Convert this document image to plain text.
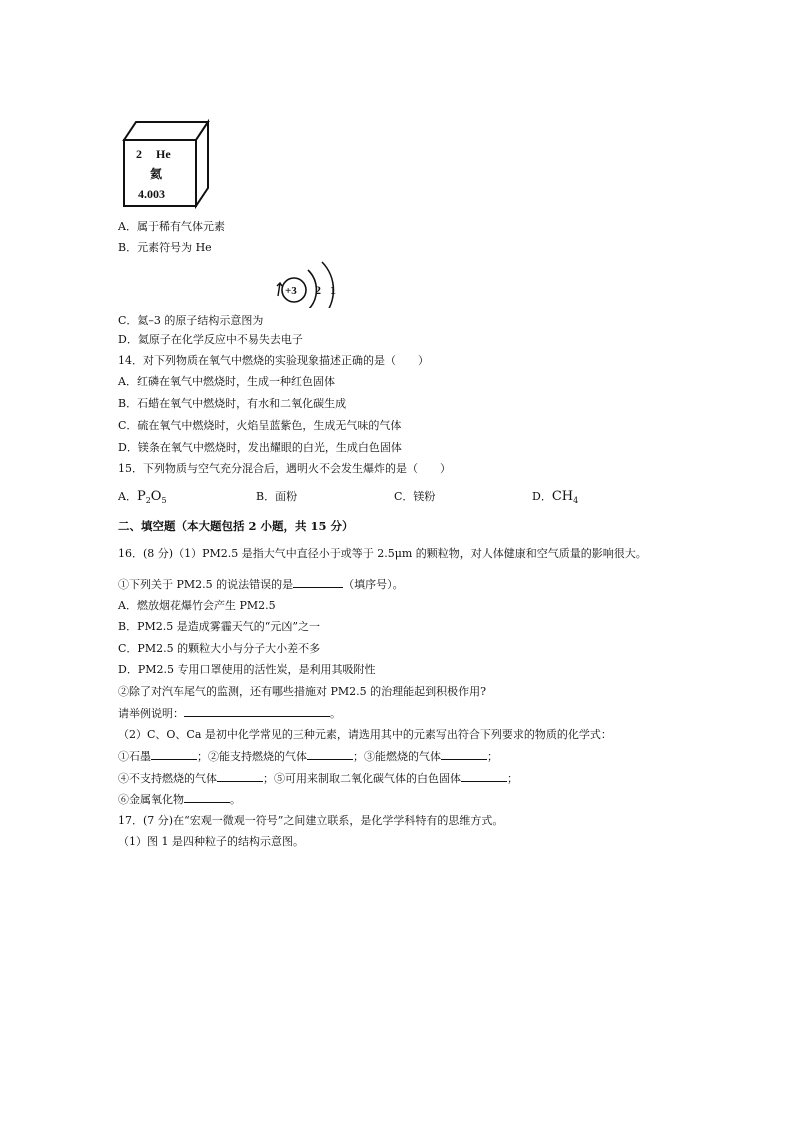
2 He
氦
4.003
A．属于稀有气体元素
B．元素符号为 He
+3 2 1
C．氦–3 的原子结构示意图为
D．氦原子在化学反应中不易失去电子
14．对下列物质在氧气中燃烧的实验现象描述正确的是（　　）
A．红磷在氧气中燃烧时，生成一种红色固体
B．石蜡在氧气中燃烧时，有水和二氧化碳生成
C．硫在氧气中燃烧时，火焰呈蓝紫色，生成无气味的气体
D．镁条在氧气中燃烧时，发出耀眼的白光，生成白色固体
15．下列物质与空气充分混合后，遇明火不会发生爆炸的是（　　）
A．$P_2O_5$	B．面粉	C．镁粉	D．$CH_4$
二、填空题（本大题包括 2 小题，共 15 分）
16．(8 分)（1）PM2.5 是指大气中直径小于或等于 2.5μm 的颗粒物，对人体健康和空气质量的影响很大。
①下列关于 PM2.5 的说法错误的是	（填序号）。
A．燃放烟花爆竹会产生 PM2.5
B．PM2.5 是造成雾霾天气的“元凶”之一
C．PM2.5 的颗粒大小与分子大小差不多
D．PM2.5 专用口罩使用的活性炭，是利用其吸附性
②除了对汽车尾气的监测，还有哪些措施对 PM2.5 的治理能起到积极作用?
请举例说明：	。
（2）C、O、Ca 是初中化学常见的三种元素，请选用其中的元素写出符合下列要求的物质的化学式：
①石墨	；②能支持燃烧的气体	；③能燃烧的气体	；
④不支持燃烧的气体	；⑤可用来制取二氧化碳气体的白色固体	；
⑥金属氧化物	。
17．(7 分)在“宏观一微观一符号”之间建立联系，是化学学科特有的思维方式。
（1）图 1 是四种粒子的结构示意图。
